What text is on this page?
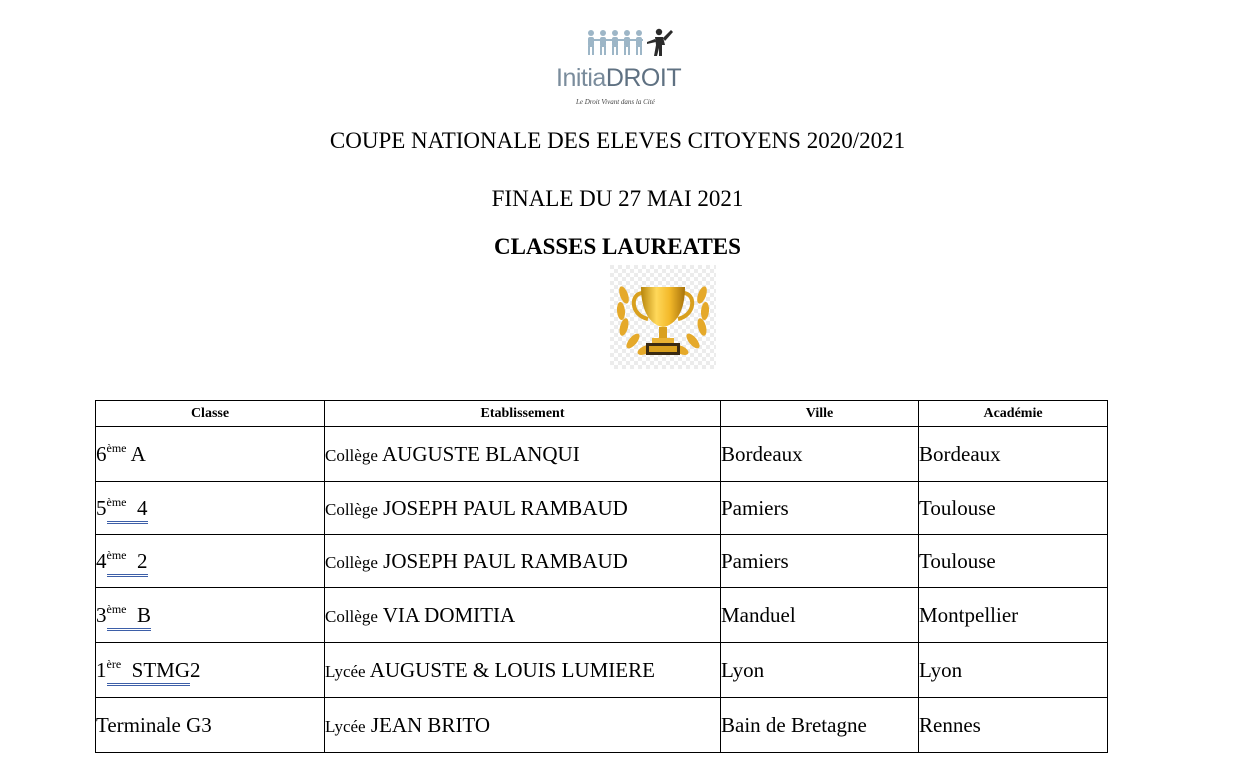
InitiaDROIT
Le Droit Vivant dans la Cité
COUPE NATIONALE DES ELEVES CITOYENS 2020/2021
FINALE DU 27 MAI 2021
CLASSES LAUREATES
Classe	Etablissement	Ville	Académie
6ème A	Collège AUGUSTE BLANQUI	Bordeaux	Bordeaux
5ème  4	Collège JOSEPH PAUL RAMBAUD	Pamiers	Toulouse
4ème  2	Collège JOSEPH PAUL RAMBAUD	Pamiers	Toulouse
3ème  B	Collège VIA DOMITIA	Manduel	Montpellier
1ère  STMG2	Lycée AUGUSTE & LOUIS LUMIERE	Lyon	Lyon
Terminale G3	Lycée JEAN BRITO	Bain de Bretagne	Rennes
